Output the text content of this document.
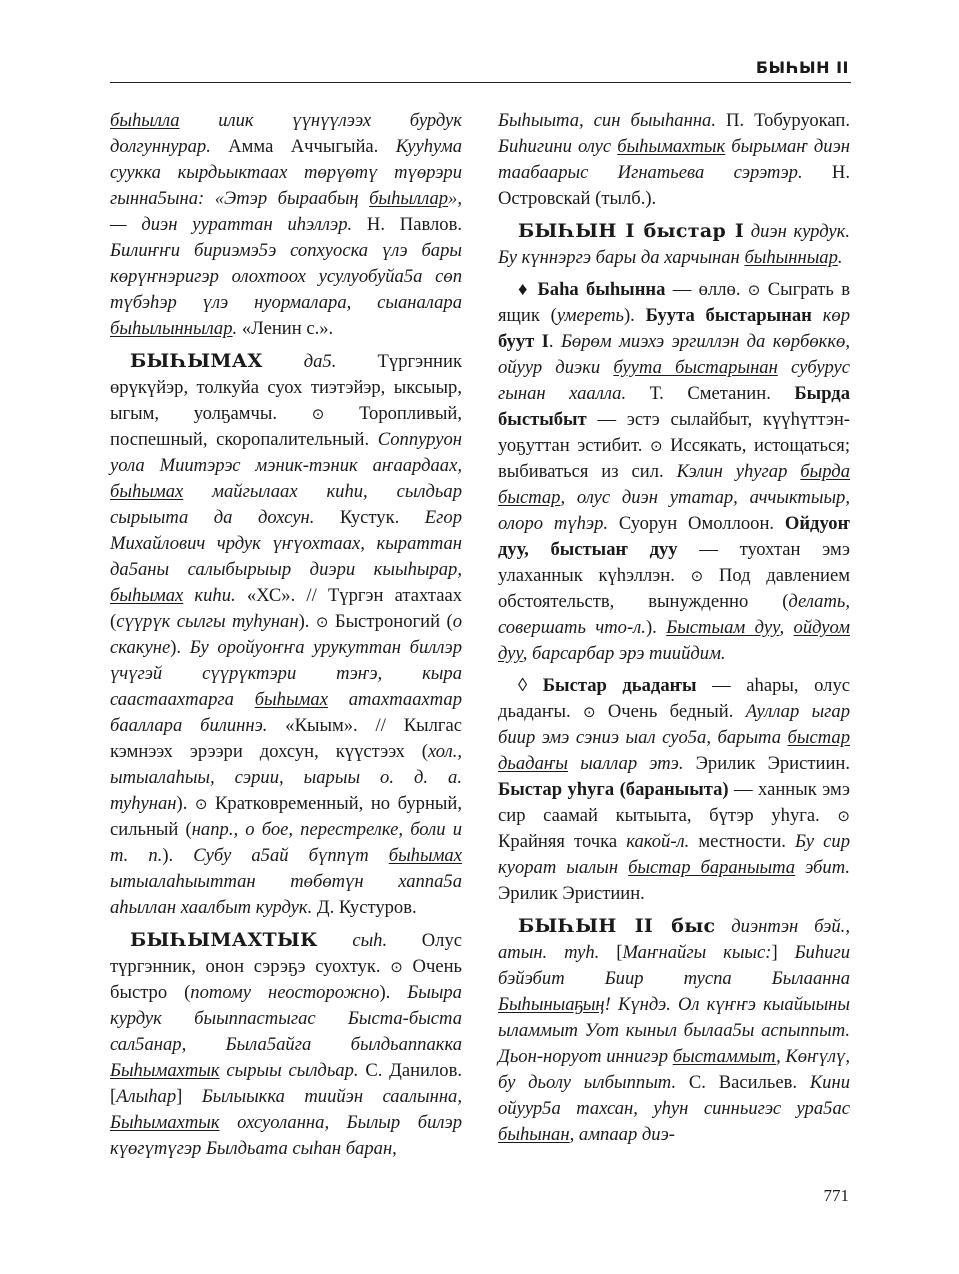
БЫҺЫН II

быһылла илик үүнүүлээх бурдук долгуннурар. Амма Аччыгыйа. Кууһума суукка кырдьыктаах төрүөтү түөрэри гынна5ына: «Этэр быраабың быһыллар», — диэн уураттан иһэллэр. Н. Павлов. Билиҥҥи бириэмэ5э сопхуоска үлэ бары көрүҥнэригэр олохтоох усулуобуйа5а сөп түбэһэр үлэ нуормалара, сыаналара быһылыннылар. «Ленин с.».

БЫҺЫМАХ да5. Түргэнник өрүкүйэр, толкуйа суох тиэтэйэр, ыксыыр, ыгым, уолҕамчы. ⊙ Торопливый, поспешный, скоропалительный. Соппуруон уола Миитэрэс мэник-тэник аҥаардаах, быһымах майгылаах киһи, сылдьар сырыыта да дохсун. Кустук. Егор Михайлович чрдук үҥүохтаах, кыраттан да5аны салыбырыыр диэри кыыһырар, быһымах киһи. «ХС». // Түргэн атахтаах (сүүрүк сылгы туһунан). ⊙ Быстроногий (о скакуне). Бу оройуоҥҥа урукуттан биллэр үчүгэй сүүрүктэри тэҥэ, кыра саастаахтарга быһымах атахтаахтар бааллара билиннэ. «Кыым». // Кылгас кэмнээх эрээри дохсун, күүстээх (хол., ытыалаһыы, сэрии, ыарыы о. д. а. туһунан). ⊙ Кратковременный, но бурный, сильный (напр., о бое, перестрелке, боли и т. п.). Субу а5ай бүппүт быһымах ытыалаһыыттан төбөтүн хаппа5а аһыллан хаалбыт курдук. Д. Кустуров.

БЫҺЫМАХТЫК сыһ. Олус түргэнник, онон сэрэҕэ суохтук. ⊙ Очень быстро (потому неосторожно). Быыра курдук быыппастыгас Быста-быста сал5анар, Была5айга былдьаппакка Быһымахтык сырыы сылдьар. С. Данилов. [Алыһар] Былыыкка тиийэн саалынна, Быһымахтык охсуоланна, Былыр билэр күөгүтүгэр Былдьата сыһан баран,

Быһыыта, син быыһанна. П. Тобуруокап. Биһигини олус быһымахтык бырымаҥ диэн таабаарыс Игнатьева сэрэтэр. Н. Островскай (тылб.).

БЫҺЫН I быстар I диэн курдук. Бу күннэргэ бары да харчынан быһынныар.

♦ Баһа быһынна — өллө. ⊙ Сыграть в ящик (умереть). Буута быстарынан көр буут I. Бөрөм миэхэ эргиллэн да көрбөккө, ойуур диэки буута быстарынан субурус гынан хаалла. Т. Сметанин. Бырда быстыбыт — эстэ сылайбыт, күүһүттэн-уоҕуттан эстибит. ⊙ Иссякать, истощаться; выбиваться из сил. Кэлин уһугар бырда быстар, олус диэн утатар, аччыктыыр, олоро түһэр. Суорун Омоллоон. Ойдуоҥ дуу, быстыаҥ дуу — туохтан эмэ улаханнык күһэллэн. ⊙ Под давлением обстоятельств, вынужденно (делать, совершать что-л.). Быстыам дуу, ойдуом дуу, барсарбар эрэ тиийдим.

◊ Быстар дьадаҥы — аһары, олус дьадаҥы. ⊙ Очень бедный. Ауллар ыгар биир эмэ сэниэ ыал суо5а, барыта быстар дьадаҥы ыаллар этэ. Эрилик Эристиин. Быстар уһуга (бараныыта) — ханнык эмэ сир саамай кытыыта, бүтэр уһуга. ⊙ Крайняя точка какой-л. местности. Бу сир куорат ыалын быстар бараныыта эбит. Эрилик Эристиин.

БЫҺЫН II быс диэнтэн бэй., атын. туһ. [Маҥнайгы кыыс:] Биһиги бэйэбит Биир туспа Былаанна Быһыныаҕың! Күндэ. Ол күҥҥэ кыайыыны ыламмыт Уот кыныл былаа5ы аспыппыт. Дьон-норуот иннигэр быстаммыт, Көҥүлү, бу дьолу ылбыппыт. С. Васильев. Кини ойуур5а тахсан, уһун синньигэс ура5ас быһынан, ампаар диэ-

771
